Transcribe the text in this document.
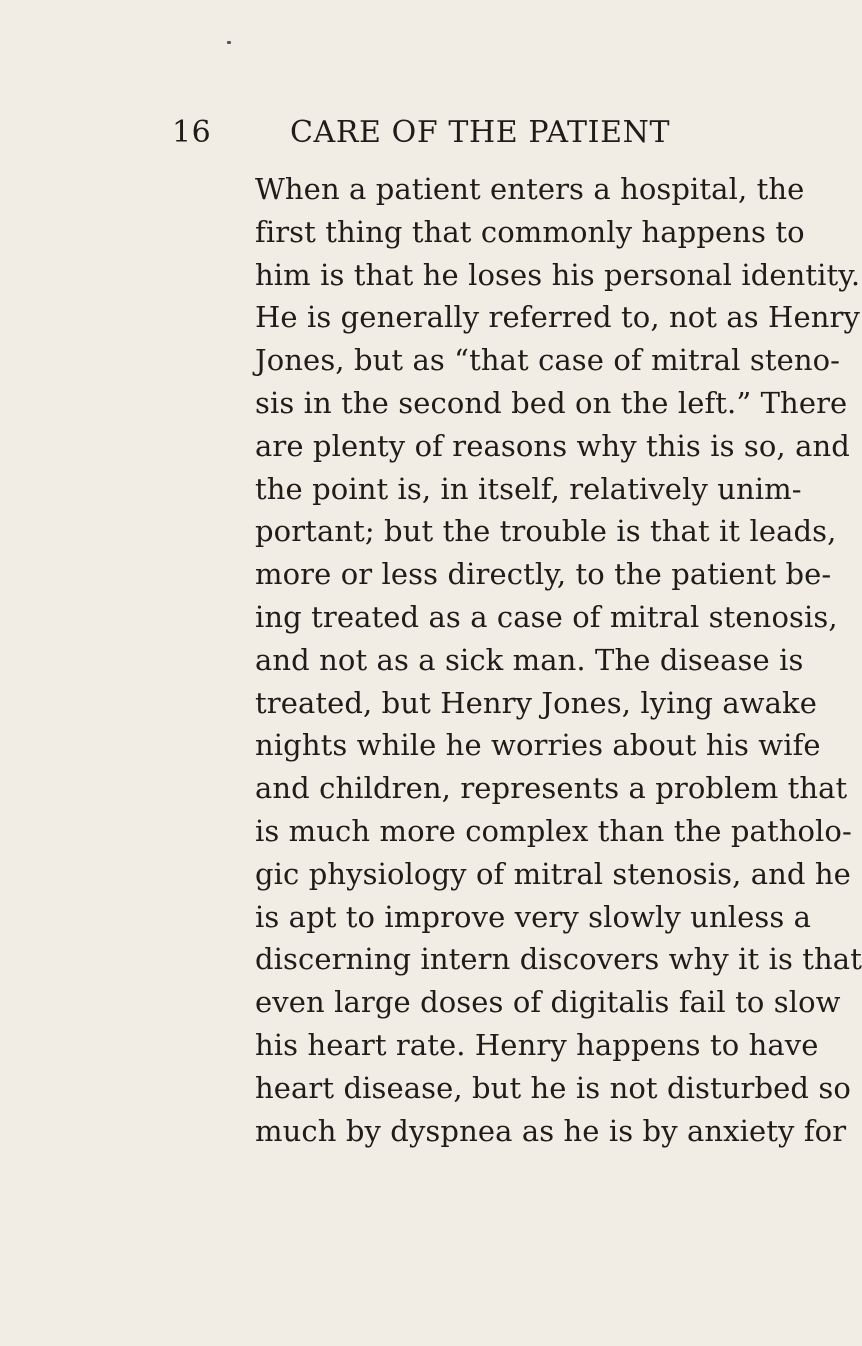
16	CARE OF THE PATIENT
When a patient enters a hospital, the
first thing that commonly happens to
him is that he loses his personal identity.
He is generally referred to, not as Henry
Jones, but as “that case of mitral steno-
sis in the second bed on the left.” There
are plenty of reasons why this is so, and
the point is, in itself, relatively unim-
portant; but the trouble is that it leads,
more or less directly, to the patient be-
ing treated as a case of mitral stenosis,
and not as a sick man. The disease is
treated, but Henry Jones, lying awake
nights while he worries about his wife
and children, represents a problem that
is much more complex than the patholo-
gic physiology of mitral stenosis, and he
is apt to improve very slowly unless a
discerning intern discovers why it is that
even large doses of digitalis fail to slow
his heart rate. Henry happens to have
heart disease, but he is not disturbed so
much by dyspnea as he is by anxiety for
